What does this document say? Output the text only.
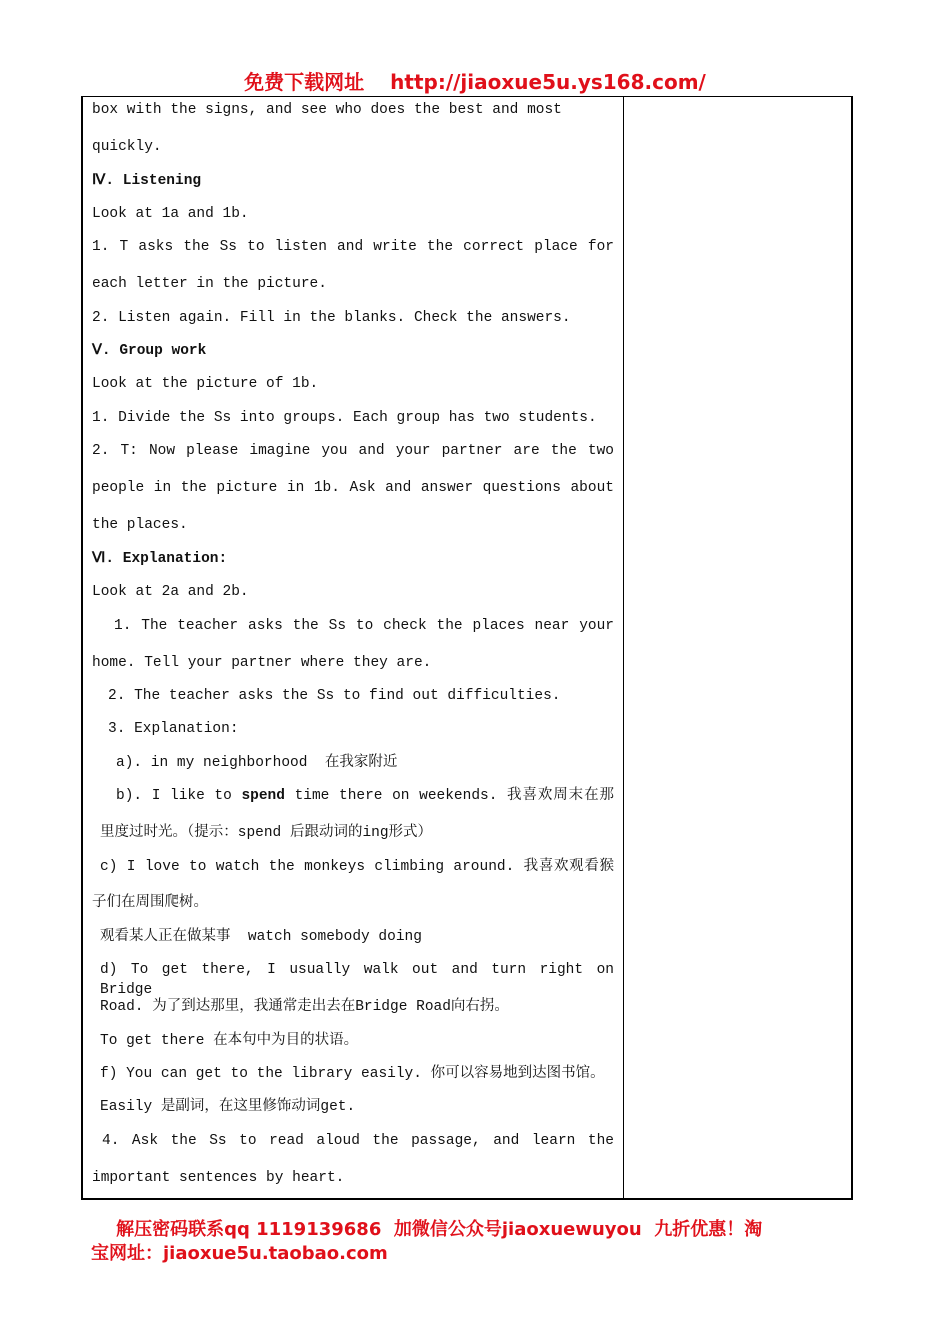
免费下载网址 http://jiaoxue5u.ys168.com/
box with the signs, and see who does the best and most
quickly.
Ⅳ. Listening
Look at 1a and 1b.
1. T asks the Ss to listen and write the correct place for
each letter in the picture.
2. Listen again. Fill in the blanks. Check the answers.
Ⅴ. Group work
Look at the picture of 1b.
1. Divide the Ss into groups. Each group has two students.
2. T: Now please imagine you and your partner are the two
people in the picture in 1b. Ask and answer questions about
the places.
Ⅵ. Explanation:
Look at 2a and 2b.
1. The teacher asks the Ss to check the places near your
home. Tell your partner where they are.
2. The teacher asks the Ss to find out difficulties.
3. Explanation:
a). in my neighborhood  在我家附近
b). I like to spend time there on weekends. 我喜欢周末在那
里度过时光。（提示：spend 后跟动词的ing形式）
c) I love to watch the monkeys climbing around. 我喜欢观看猴
子们在周围爬树。
观看某人正在做某事  watch somebody doing
d) To get there, I usually walk out and turn right on Bridge
Road. 为了到达那里，我通常走出去在Bridge Road向右拐。
To get there 在本句中为目的状语。
f) You can get to the library easily. 你可以容易地到达图书馆。
Easily 是副词，在这里修饰动词get.
4. Ask the Ss to read aloud the passage, and learn the
important sentences by heart.
解压密码联系qq 1119139686  加微信公众号jiaoxuewuyou  九折优惠！淘
宝网址：jiaoxue5u.taobao.com
